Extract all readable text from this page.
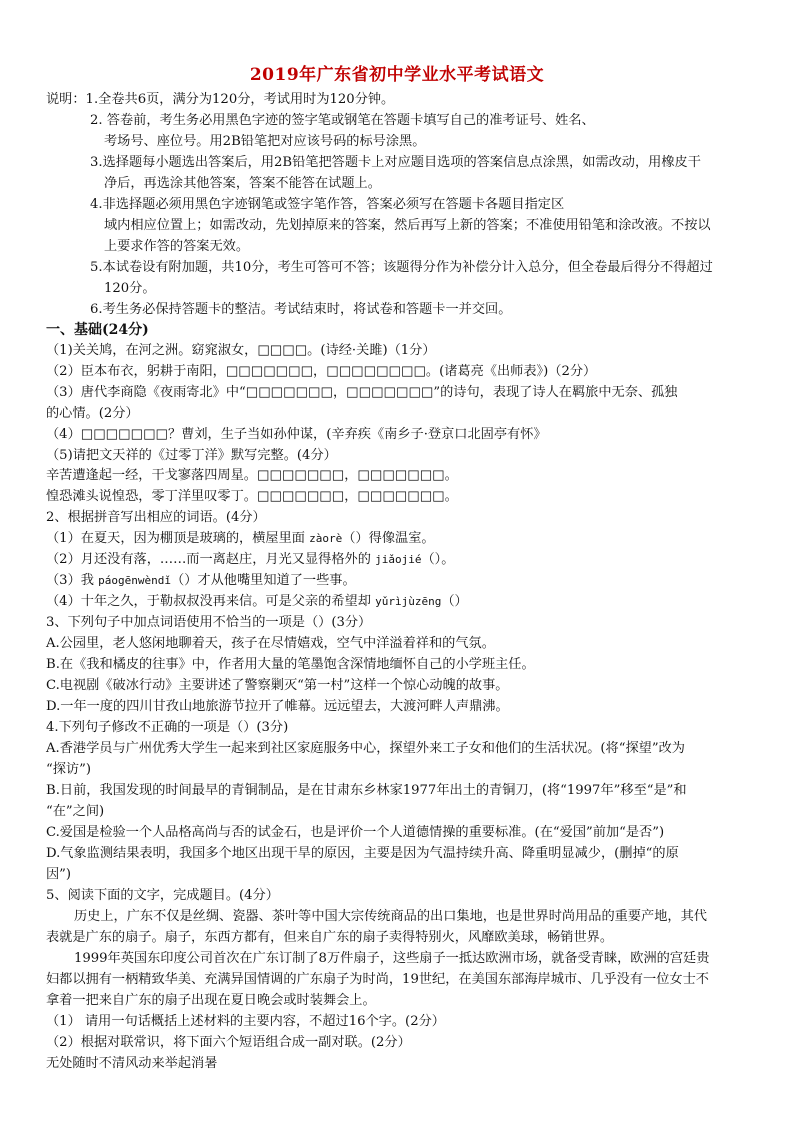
2019年广东省初中学业水平考试语文
说明：1.全卷共6页，满分为120分，考试用时为120分钟。
2. 答卷前，考生务必用黑色字迹的签字笔或钢笔在答题卡填写自己的准考证号、姓名、
考场号、座位号。用2B铅笔把对应该号码的标号涂黑。
3.选择题每小题选出答案后，用2B铅笔把答题卡上对应题目选项的答案信息点涂黑，如需改动，用橡皮干
净后，再选涂其他答案，答案不能答在试题上。
4.非选择题必须用黑色字迹钢笔或签字笔作答，答案必须写在答题卡各题目指定区
域内相应位置上；如需改动，先划掉原来的答案，然后再写上新的答案；不准使用铅笔和涂改液。不按以
上要求作答的答案无效。
5.本试卷设有附加题，共10分，考生可答可不答；该题得分作为补偿分计入总分，但全卷最后得分不得超过
120分。
6.考生务必保持答题卡的整洁。考试结束时，将试卷和答题卡一并交回。
一、基础(24分)
（1)关关鸠，在河之洲。窈窕淑女，□□□□。(诗经·关雎)（1分）
（2）臣本布衣，躬耕于南阳，□□□□□□□，□□□□□□□□。(诸葛亮《出师表》)（2分）
（3）唐代李商隐《夜雨寄北》中“□□□□□□□，□□□□□□□”的诗句，表现了诗人在羁旅中无奈、孤独
的心情。(2分）
（4）□□□□□□□？曹刘，生子当如孙仲谋，(辛弃疾《南乡子·登京口北固亭有怀》
（5)请把文天祥的《过零丁洋》默写完整。(4分）
辛苦遭逢起一经，干戈寥落四周星。□□□□□□□，□□□□□□□。
惶恐滩头说惶恐，零丁洋里叹零丁。□□□□□□□，□□□□□□□。
2、根据拼音写出相应的词语。(4分）
（1）在夏天，因为棚顶是玻璃的，横屋里面 zàorè（）得像温室。
（2）月还没有落，……而一离赵庄，月光又显得格外的 jiǎojié（）。
（3）我 páogēnwèndǐ（）才从他嘴里知道了一些事。
（4）十年之久，于勒叔叔没再来信。可是父亲的希望却 yǔrìjùzēng（）
3、下列句子中加点词语使用不恰当的一项是（）(3分）
A.公园里，老人悠闲地聊着天，孩子在尽情嬉戏，空气中洋溢着祥和的气氛。
B.在《我和橘皮的往事》中，作者用大量的笔墨饱含深情地缅怀自己的小学班主任。
C.电视剧《破冰行动》主要讲述了警察剿灭“第一村”这样一个惊心动魄的故事。
D.一年一度的四川甘孜山地旅游节拉开了帷幕。远远望去，大渡河畔人声鼎沸。
4.下列句子修改不正确的一项是（）(3分)
A.香港学员与广州优秀大学生一起来到社区家庭服务中心，探望外来工子女和他们的生活状况。(将“探望”改为
“探访”)
B.日前，我国发现的时间最早的青铜制品，是在甘肃东乡林家1977年出土的青铜刀，(将“1997年”移至“是”和
“在”之间)
C.爱国是检验一个人品格高尚与否的试金石，也是评价一个人道德情操的重要标准。(在“爱国”前加“是否”)
D.气象监测结果表明，我国多个地区出现干旱的原因，主要是因为气温持续升高、降重明显减少，(删掉“的原
因”)
5、阅读下面的文字，完成题目。(4分）
历史上，广东不仅是丝绸、瓷器、茶叶等中国大宗传统商品的出口集地，也是世界时尚用品的重要产地，其代
表就是广东的扇子。扇子，东西方都有，但来自广东的扇子卖得特别火，风靡欧美球，畅销世界。
1999年英国东印度公司首次在广东订制了8万件扇子，这些扇子一抵达欧洲市场，就备受青睐，欧洲的宫廷贵
妇都以拥有一柄精致华美、充满异国情调的广东扇子为时尚，19世纪，在美国东部海岸城市、几乎没有一位女士不
拿着一把来自广东的扇子出现在夏日晚会或时装舞会上。
（1） 请用一句话概括上述材料的主要内容，不超过16个字。(2分）
（2）根据对联常识，将下面六个短语组合成一副对联。(2分）
无处随时不清风动来举起消暑
